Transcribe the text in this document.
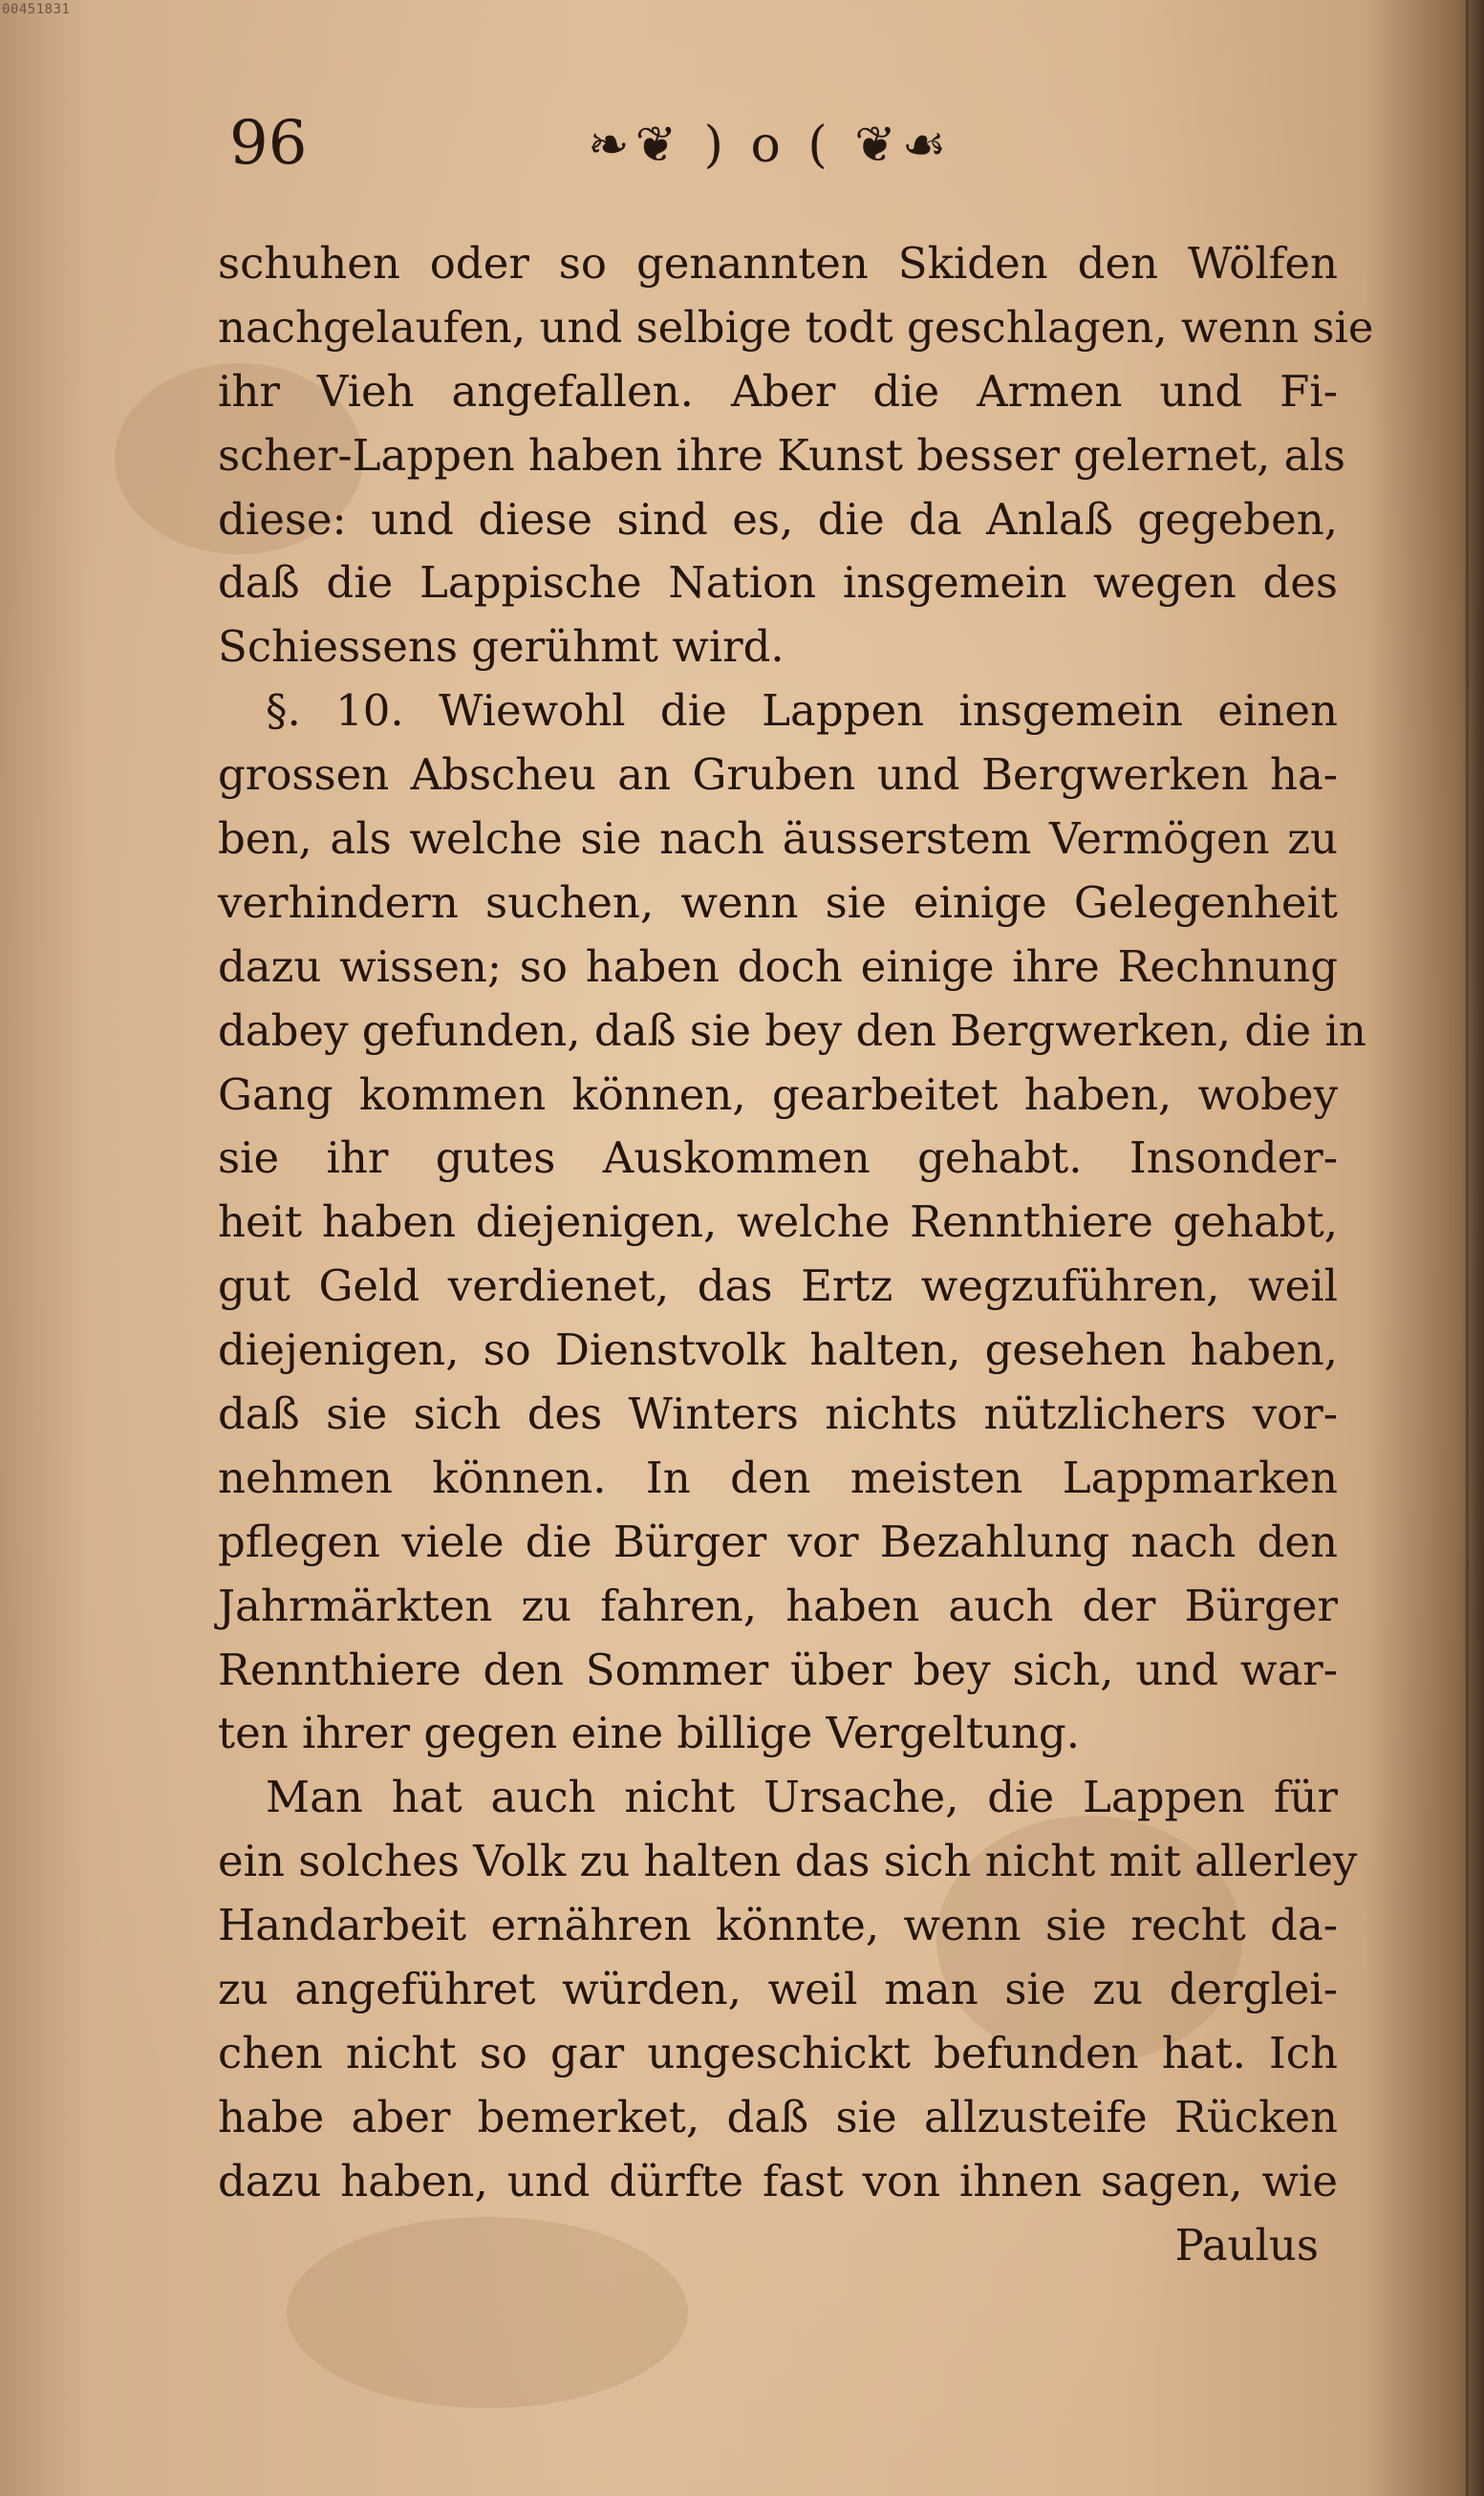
00451831
96	❧❦ ) o ( ❦☙
schuhen oder so genannten Skiden den Wölfen
nachgelaufen, und selbige todt geschlagen, wenn sie
ihr Vieh angefallen. Aber die Armen und Fi-
scher-Lappen haben ihre Kunst besser gelernet, als
diese: und diese sind es, die da Anlaß gegeben,
daß die Lappische Nation insgemein wegen des
Schiessens gerühmt wird.
§. 10. Wiewohl die Lappen insgemein einen
grossen Abscheu an Gruben und Bergwerken ha-
ben, als welche sie nach äusserstem Vermögen zu
verhindern suchen, wenn sie einige Gelegenheit
dazu wissen; so haben doch einige ihre Rechnung
dabey gefunden, daß sie bey den Bergwerken, die in
Gang kommen können, gearbeitet haben, wobey
sie ihr gutes Auskommen gehabt. Insonder-
heit haben diejenigen, welche Rennthiere gehabt,
gut Geld verdienet, das Ertz wegzuführen, weil
diejenigen, so Dienstvolk halten, gesehen haben,
daß sie sich des Winters nichts nützlichers vor-
nehmen können. In den meisten Lappmarken
pflegen viele die Bürger vor Bezahlung nach den
Jahrmärkten zu fahren, haben auch der Bürger
Rennthiere den Sommer über bey sich, und war-
ten ihrer gegen eine billige Vergeltung.
Man hat auch nicht Ursache, die Lappen für
ein solches Volk zu halten das sich nicht mit allerley
Handarbeit ernähren könnte, wenn sie recht da-
zu angeführet würden, weil man sie zu derglei-
chen nicht so gar ungeschickt befunden hat. Ich
habe aber bemerket, daß sie allzusteife Rücken
dazu haben, und dürfte fast von ihnen sagen, wie
Paulus
